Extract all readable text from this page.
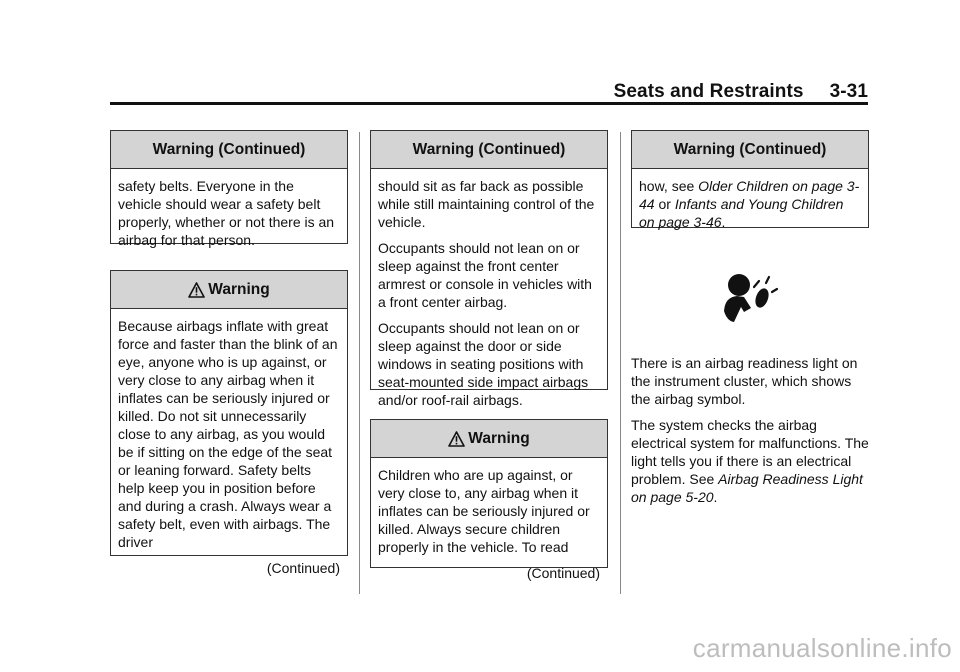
Seats and Restraints 3-31
Warning (Continued)

safety belts. Everyone in the vehicle should wear a safety belt properly, whether or not there is an airbag for that person.

Warning

Because airbags inflate with great force and faster than the blink of an eye, anyone who is up against, or very close to any airbag when it inflates can be seriously injured or killed. Do not sit unnecessarily close to any airbag, as you would be if sitting on the edge of the seat or leaning forward. Safety belts help keep you in position before and during a crash. Always wear a safety belt, even with airbags. The driver

(Continued)
Warning (Continued)

should sit as far back as possible while still maintaining control of the vehicle.

Occupants should not lean on or sleep against the front center armrest or console in vehicles with a front center airbag.

Occupants should not lean on or sleep against the door or side windows in seating positions with seat-mounted side impact airbags and/or roof-rail airbags.

Warning

Children who are up against, or very close to, any airbag when it inflates can be seriously injured or killed. Always secure children properly in the vehicle. To read

(Continued)
Warning (Continued)

how, see Older Children on page 3-44 or Infants and Young Children on page 3-46.

There is an airbag readiness light on the instrument cluster, which shows the airbag symbol.

The system checks the airbag electrical system for malfunctions. The light tells you if there is an electrical problem. See Airbag Readiness Light on page 5-20.

carmanualsonline.info
